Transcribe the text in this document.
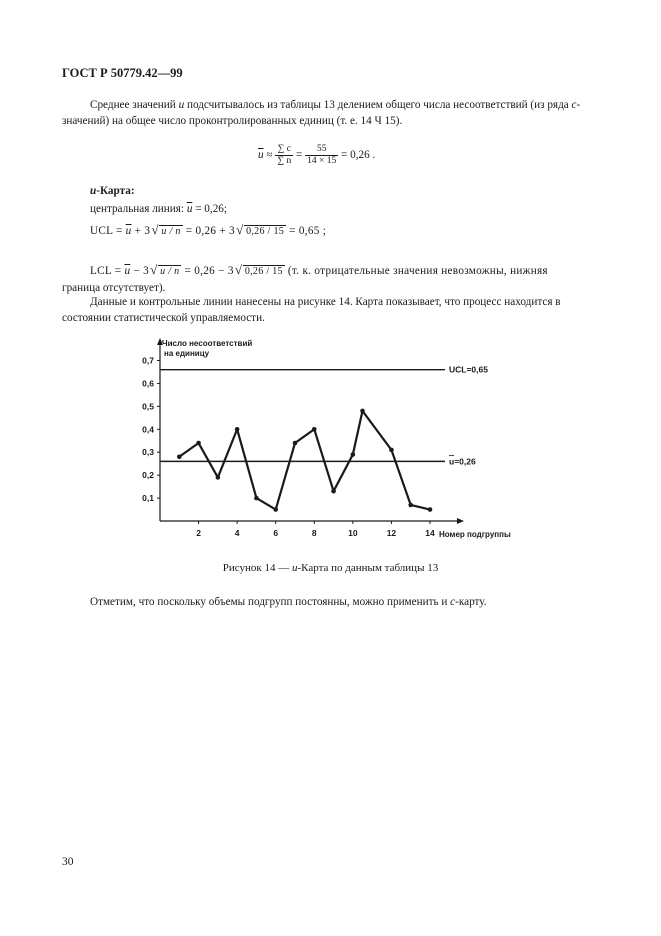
ГОСТ Р 50779.42—99
Среднее значений u подсчитывалось из таблицы 13 делением общего числа несоответствий (из ряда c-значений) на общее число проконтролированных единиц (т. е. 14 Ч 15).
$\overline{u} \approx \frac{\sum c}{\sum n} = \frac{55}{14 \times 15} = 0,26$ .
u-Карта:
центральная линия: $\overline{u} = 0,26$;
UCL = $\overline{u} + 3$ √ u / n = 0,26 + 3 √ 0,26 / 15 = 0,65 ;
LCL = $\overline{u} - 3$ √ u / n = 0,26 − 3 √ 0,26 / 15 (т. к. отрицательные значения невозможны, нижняя
граница отсутствует).
Данные и контрольные линии нанесены на рисунке 14. Карта показывает, что процесс находится в состоянии статистической управляемости.
0,1
0,2
0,3
0,4
0,5
0,6
0,7
2	4	6	8	10	12	14
Число несоответствий
на единицу
Номер подгруппы
UCL=0,65
u=0,26
Рисунок 14 — u-Карта по данным таблицы 13
Отметим, что поскольку объемы подгрупп постоянны, можно применить и c-карту.
30
